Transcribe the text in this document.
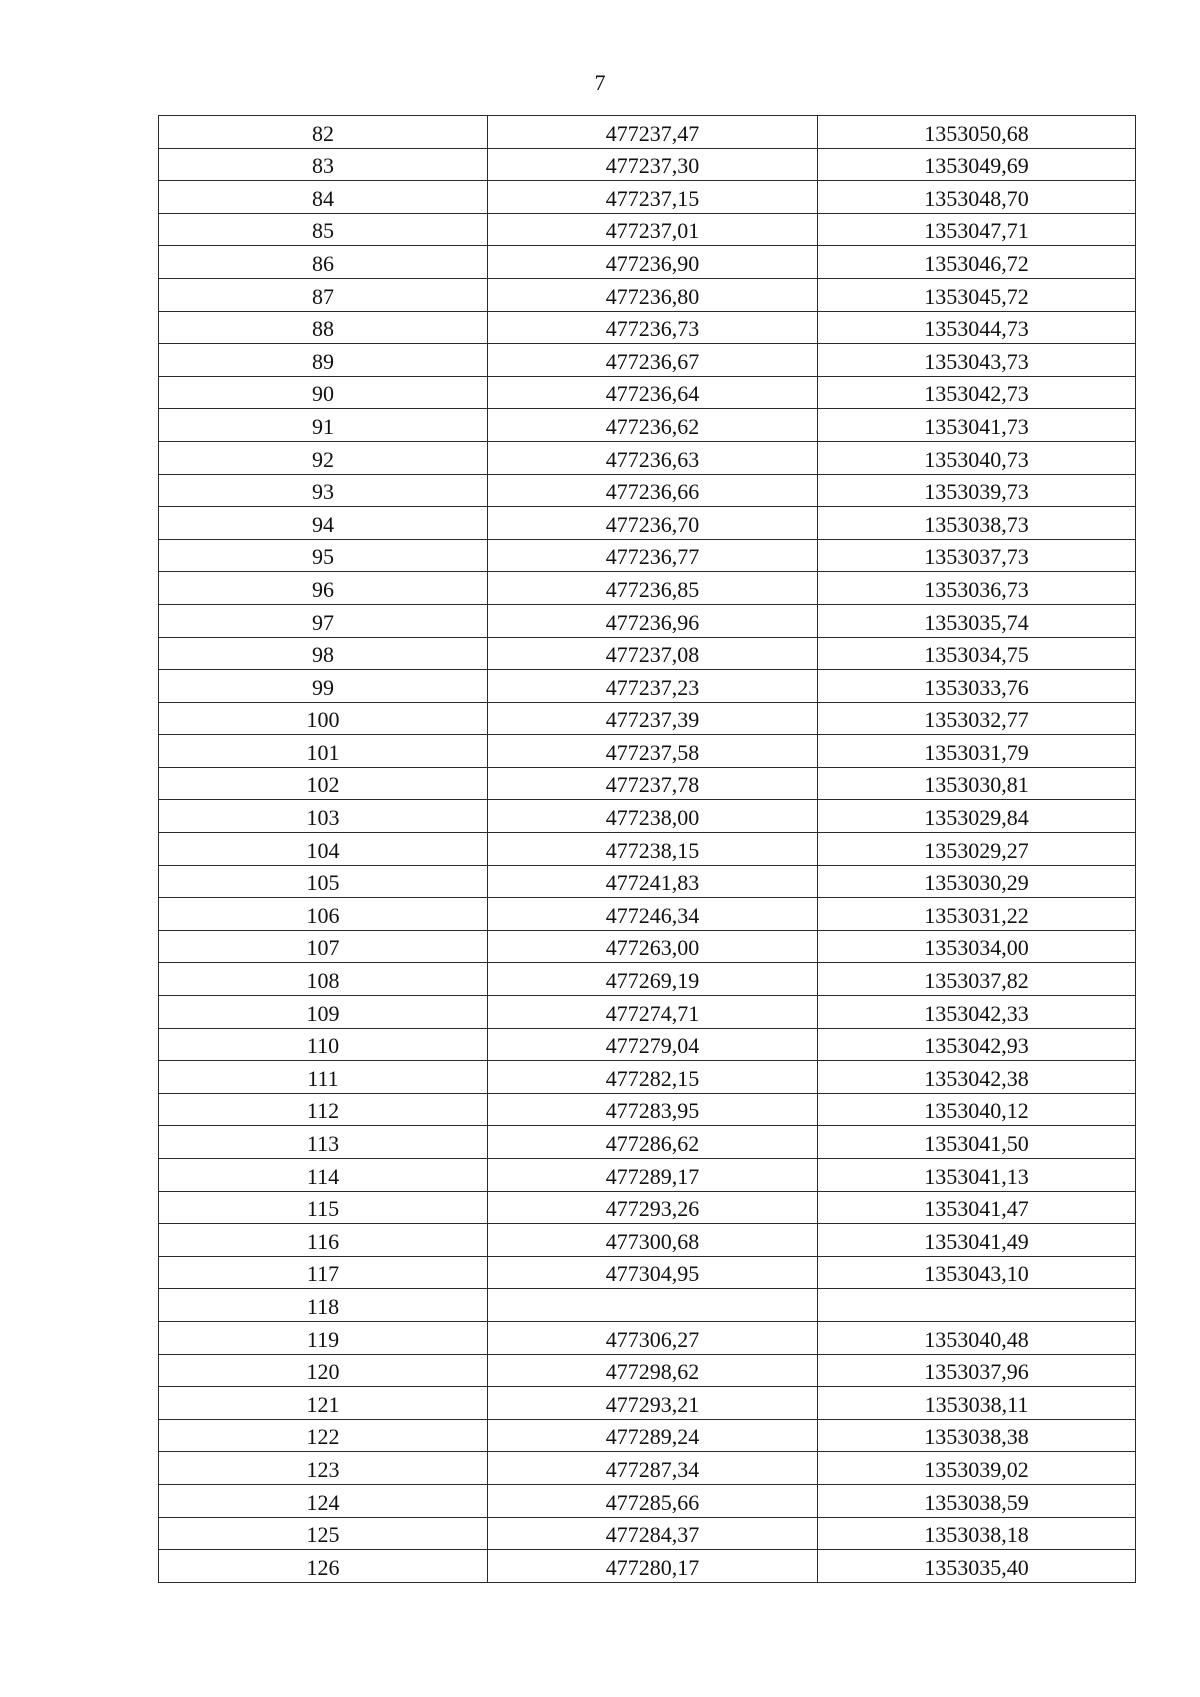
7
82	477237,47	1353050,68
83	477237,30	1353049,69
84	477237,15	1353048,70
85	477237,01	1353047,71
86	477236,90	1353046,72
87	477236,80	1353045,72
88	477236,73	1353044,73
89	477236,67	1353043,73
90	477236,64	1353042,73
91	477236,62	1353041,73
92	477236,63	1353040,73
93	477236,66	1353039,73
94	477236,70	1353038,73
95	477236,77	1353037,73
96	477236,85	1353036,73
97	477236,96	1353035,74
98	477237,08	1353034,75
99	477237,23	1353033,76
100	477237,39	1353032,77
101	477237,58	1353031,79
102	477237,78	1353030,81
103	477238,00	1353029,84
104	477238,15	1353029,27
105	477241,83	1353030,29
106	477246,34	1353031,22
107	477263,00	1353034,00
108	477269,19	1353037,82
109	477274,71	1353042,33
110	477279,04	1353042,93
111	477282,15	1353042,38
112	477283,95	1353040,12
113	477286,62	1353041,50
114	477289,17	1353041,13
115	477293,26	1353041,47
116	477300,68	1353041,49
117	477304,95	1353043,10
118		
119	477306,27	1353040,48
120	477298,62	1353037,96
121	477293,21	1353038,11
122	477289,24	1353038,38
123	477287,34	1353039,02
124	477285,66	1353038,59
125	477284,37	1353038,18
126	477280,17	1353035,40
